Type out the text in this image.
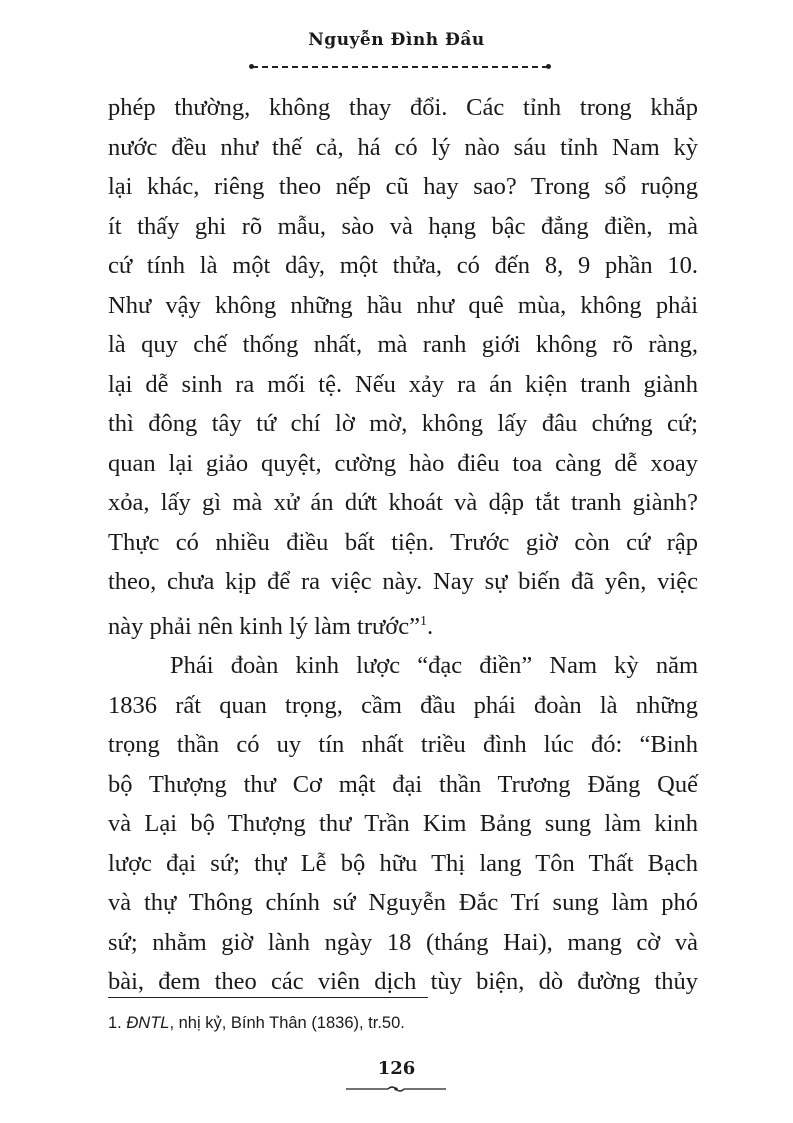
Nguyễn Đình Đầu
phép thường, không thay đổi. Các tỉnh trong khắp
nước đều như thế cả, há có lý nào sáu tỉnh Nam kỳ
lại khác, riêng theo nếp cũ hay sao? Trong sổ ruộng
ít thấy ghi rõ mẫu, sào và hạng bậc đẳng điền, mà
cứ tính là một dây, một thửa, có đến 8, 9 phần 10.
Như vậy không những hầu như quê mùa, không phải
là quy chế thống nhất, mà ranh giới không rõ ràng,
lại dễ sinh ra mối tệ. Nếu xảy ra án kiện tranh giành
thì đông tây tứ chí lờ mờ, không lấy đâu chứng cứ;
quan lại giảo quyệt, cường hào điêu toa càng dễ xoay
xỏa, lấy gì mà xử án dứt khoát và dập tắt tranh giành?
Thực có nhiều điều bất tiện. Trước giờ còn cứ rập
theo, chưa kịp để ra việc này. Nay sự biến đã yên, việc
này phải nên kinh lý làm trước”$^1$.
Phái đoàn kinh lược “đạc điền” Nam kỳ năm
1836 rất quan trọng, cầm đầu phái đoàn là những
trọng thần có uy tín nhất triều đình lúc đó: “Binh
bộ Thượng thư Cơ mật đại thần Trương Đăng Quế
và Lại bộ Thượng thư Trần Kim Bảng sung làm kinh
lược đại sứ; thự Lễ bộ hữu Thị lang Tôn Thất Bạch
và thự Thông chính sứ Nguyễn Đắc Trí sung làm phó
sứ; nhằm giờ lành ngày 18 (tháng Hai), mang cờ và
bài, đem theo các viên dịch tùy biện, dò đường thủy
1. ĐNTL, nhị kỷ, Bính Thân (1836), tr.50.
126
